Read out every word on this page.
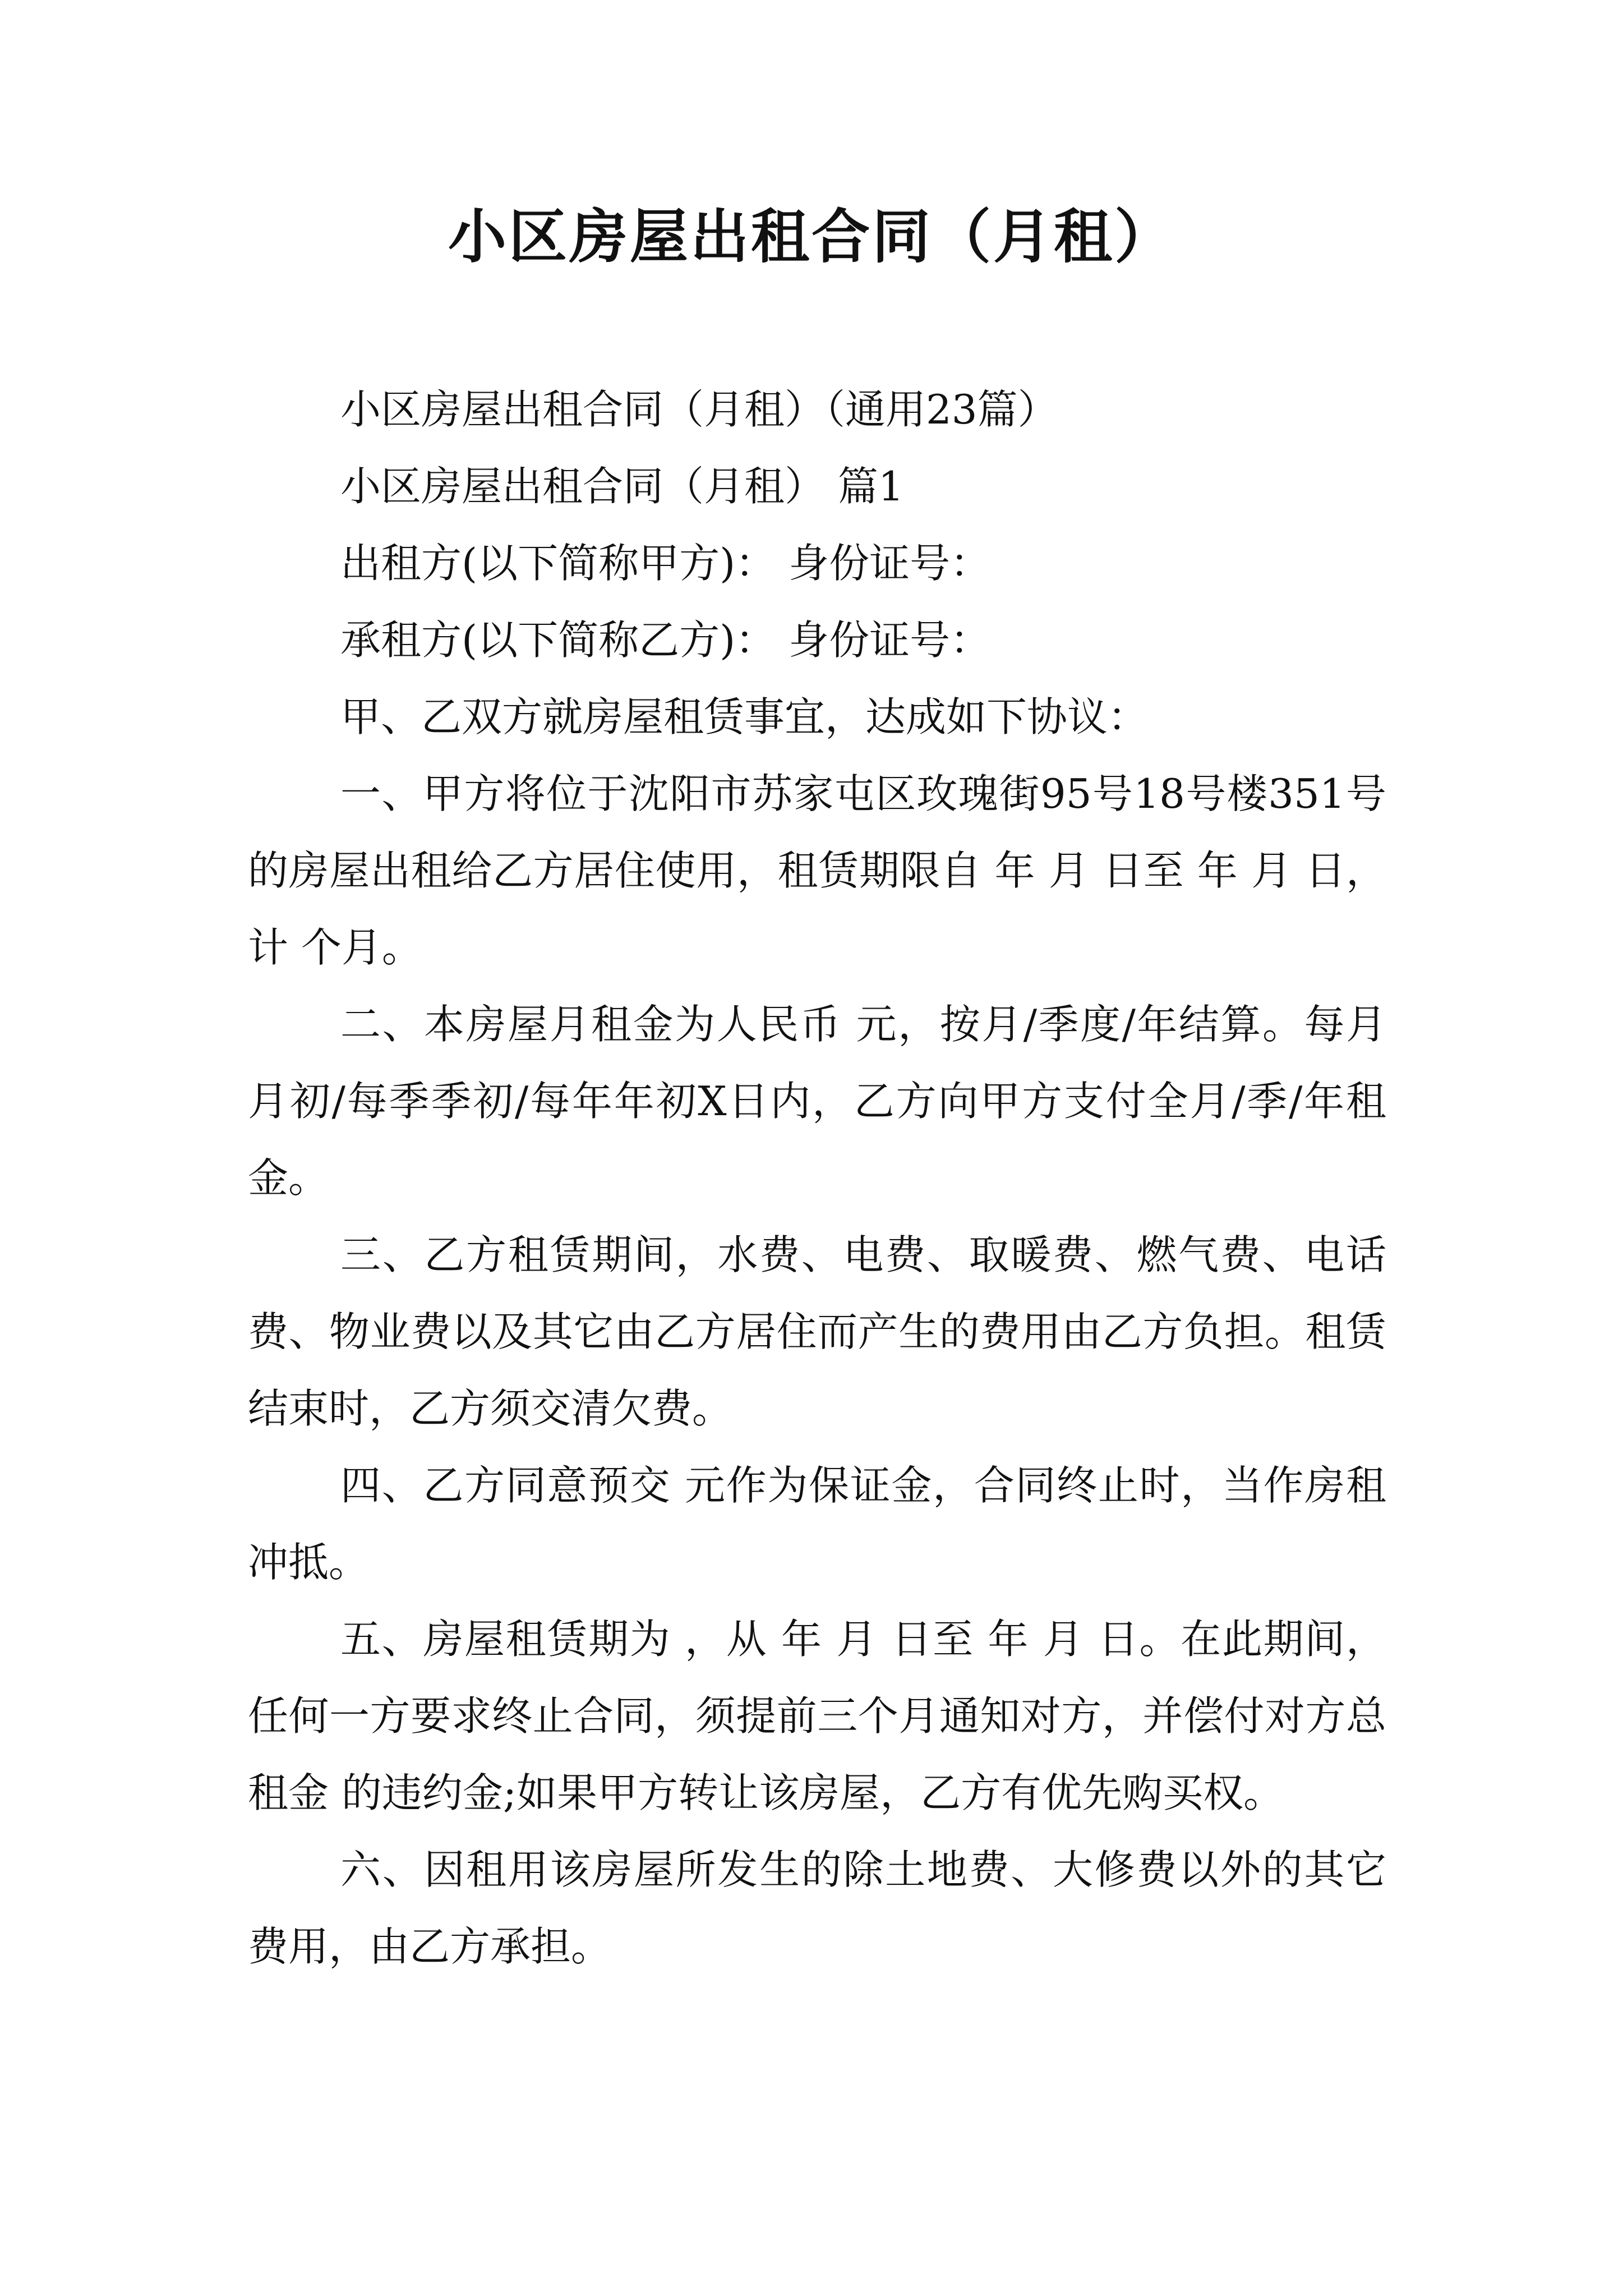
小区房屋出租合同（月租）

小区房屋出租合同（月租）（通用23篇）

小区房屋出租合同（月租） 篇1

出租方(以下简称甲方)： 身份证号：

承租方(以下简称乙方)： 身份证号：

甲、乙双方就房屋租赁事宜，达成如下协议：

一、甲方将位于沈阳市苏家屯区玫瑰街95号18号楼351号的房屋出租给乙方居住使用，租赁期限自 年 月 日至 年 月 日，计 个月。

二、本房屋月租金为人民币 元，按月/季度/年结算。每月月初/每季季初/每年年初X日内，乙方向甲方支付全月/季/年租金。

三、乙方租赁期间，水费、电费、取暖费、燃气费、电话费、物业费以及其它由乙方居住而产生的费用由乙方负担。租赁结束时，乙方须交清欠费。

四、乙方同意预交 元作为保证金，合同终止时，当作房租冲抵。

五、房屋租赁期为 ，从 年 月 日至 年 月 日。在此期间，任何一方要求终止合同，须提前三个月通知对方，并偿付对方总租金 的违约金;如果甲方转让该房屋，乙方有优先购买权。

六、因租用该房屋所发生的除土地费、大修费以外的其它费用，由乙方承担。
